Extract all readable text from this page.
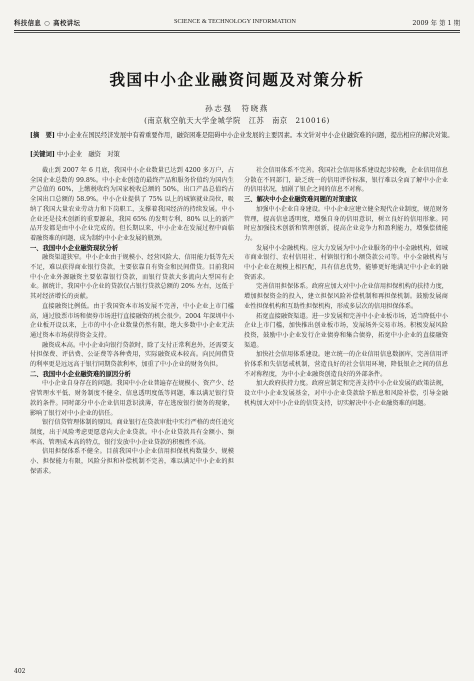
科技信息 ○ 高校讲坛	SCIENCE & TECHNOLOGY INFORMATION	2009 年 第 1 期
我国中小企业融资问题及对策分析
孙志强　符晓燕
(南京航空航天大学金城学院　江苏　南京　210016)
[摘　要] 中小企业在国民经济发展中有着重要作用，融资困难是阻碍中小企业发展的主要因素。本文针对中小企业融资难的问题，提出相应的解决对策。
[关键词] 中小企业　融资　对策

截止到 2007 年 6 月底，我国中小企业数量已达到 4200 多万户，占全国企业总数的 99.8%。中小企业创造的最终产品和服务价值约为国内生产总值的 60%，上缴税收约为国家税收总额的 50%，出口产品总值约占全国出口总额的 58.9%。中小企业提供了 75% 以上的城镇就业岗位，吸纳了我国大量农业劳动力和下岗职工，支撑着我国经济的持续发展。中小企业还是技术创新的重要源泉，我国 65% 的发明专利、80% 以上的新产品开发都是由中小企业完成的。但长期以来，中小企业在发展过程中面临着融资难的问题，成为制约中小企业发展的瓶颈。

一、我国中小企业融资现状分析

融资渠道狭窄。中小企业由于规模小、经营风险大、信用能力低等先天不足，难以获得商业银行贷款，主要依靠自有资金和民间借贷。目前我国中小企业外源融资主要依靠银行贷款，而银行贷款大多流向大型国有企业。据统计，我国中小企业的贷款仅占银行贷款总额的 20% 左右，远低于其对经济增长的贡献。

直接融资比例低。由于我国资本市场发展不完善，中小企业上市门槛高，通过股票市场和债券市场进行直接融资的机会很少。2004 年深圳中小企业板开设以来，上市的中小企业数量仍然有限，绝大多数中小企业无法通过资本市场获得资金支持。

融资成本高。中小企业向银行贷款时，除了支付正常利息外，还需要支付担保费、评估费、公证费等各种费用，实际融资成本较高。向民间借贷的利率更是远远高于银行同期贷款利率，加重了中小企业的财务负担。

二、我国中小企业融资难的原因分析

中小企业自身存在的问题。我国中小企业普遍存在规模小、资产少、经营管理水平低、财务制度不健全、信息透明度低等问题，难以满足银行贷款的条件。同时部分中小企业信用意识淡薄，存在逃废银行债务的现象，影响了银行对中小企业的信任。

银行信贷管理体制的原因。商业银行在贷款审批中实行严格的责任追究制度，出于风险考虑更愿意向大企业贷款。中小企业贷款具有金额小、频率高、管理成本高的特点，银行发放中小企业贷款的积极性不高。

信用担保体系不健全。目前我国中小企业信用担保机构数量少、规模小、担保能力有限，风险分担和补偿机制不完善，难以满足中小企业的担保需求。

社会信用体系不完善。我国社会信用体系建设起步较晚，企业信用信息分散在不同部门，缺乏统一的信用评价标准，银行难以全面了解中小企业的信用状况，加剧了银企之间的信息不对称。

三、解决中小企业融资难问题的对策建议

加强中小企业自身建设。中小企业应建立健全现代企业制度，规范财务管理，提高信息透明度，增强自身的信用意识，树立良好的信用形象。同时应加强技术创新和管理创新，提高企业竞争力和盈利能力，增强偿债能力。

发展中小金融机构。应大力发展为中小企业服务的中小金融机构，如城市商业银行、农村信用社、村镇银行和小额贷款公司等。中小金融机构与中小企业在规模上相匹配，具有信息优势，能够更好地满足中小企业的融资需求。

完善信用担保体系。政府应加大对中小企业信用担保机构的扶持力度，增加担保资金的投入，建立担保风险补偿机制和再担保机制。鼓励发展商业性担保机构和互助性担保机构，形成多层次的信用担保体系。

拓宽直接融资渠道。进一步发展和完善中小企业板市场，适当降低中小企业上市门槛，加快推出创业板市场，发展场外交易市场。积极发展风险投资，鼓励中小企业发行企业债券和集合债券，拓宽中小企业的直接融资渠道。

加快社会信用体系建设。建立统一的企业信用信息数据库，完善信用评价体系和失信惩戒机制，营造良好的社会信用环境，降低银企之间的信息不对称程度，为中小企业融资创造良好的外部条件。

加大政府扶持力度。政府应制定和完善支持中小企业发展的政策法规，设立中小企业发展基金，对中小企业贷款给予贴息和风险补偿，引导金融机构加大对中小企业的信贷支持，切实解决中小企业融资难的问题。

402
